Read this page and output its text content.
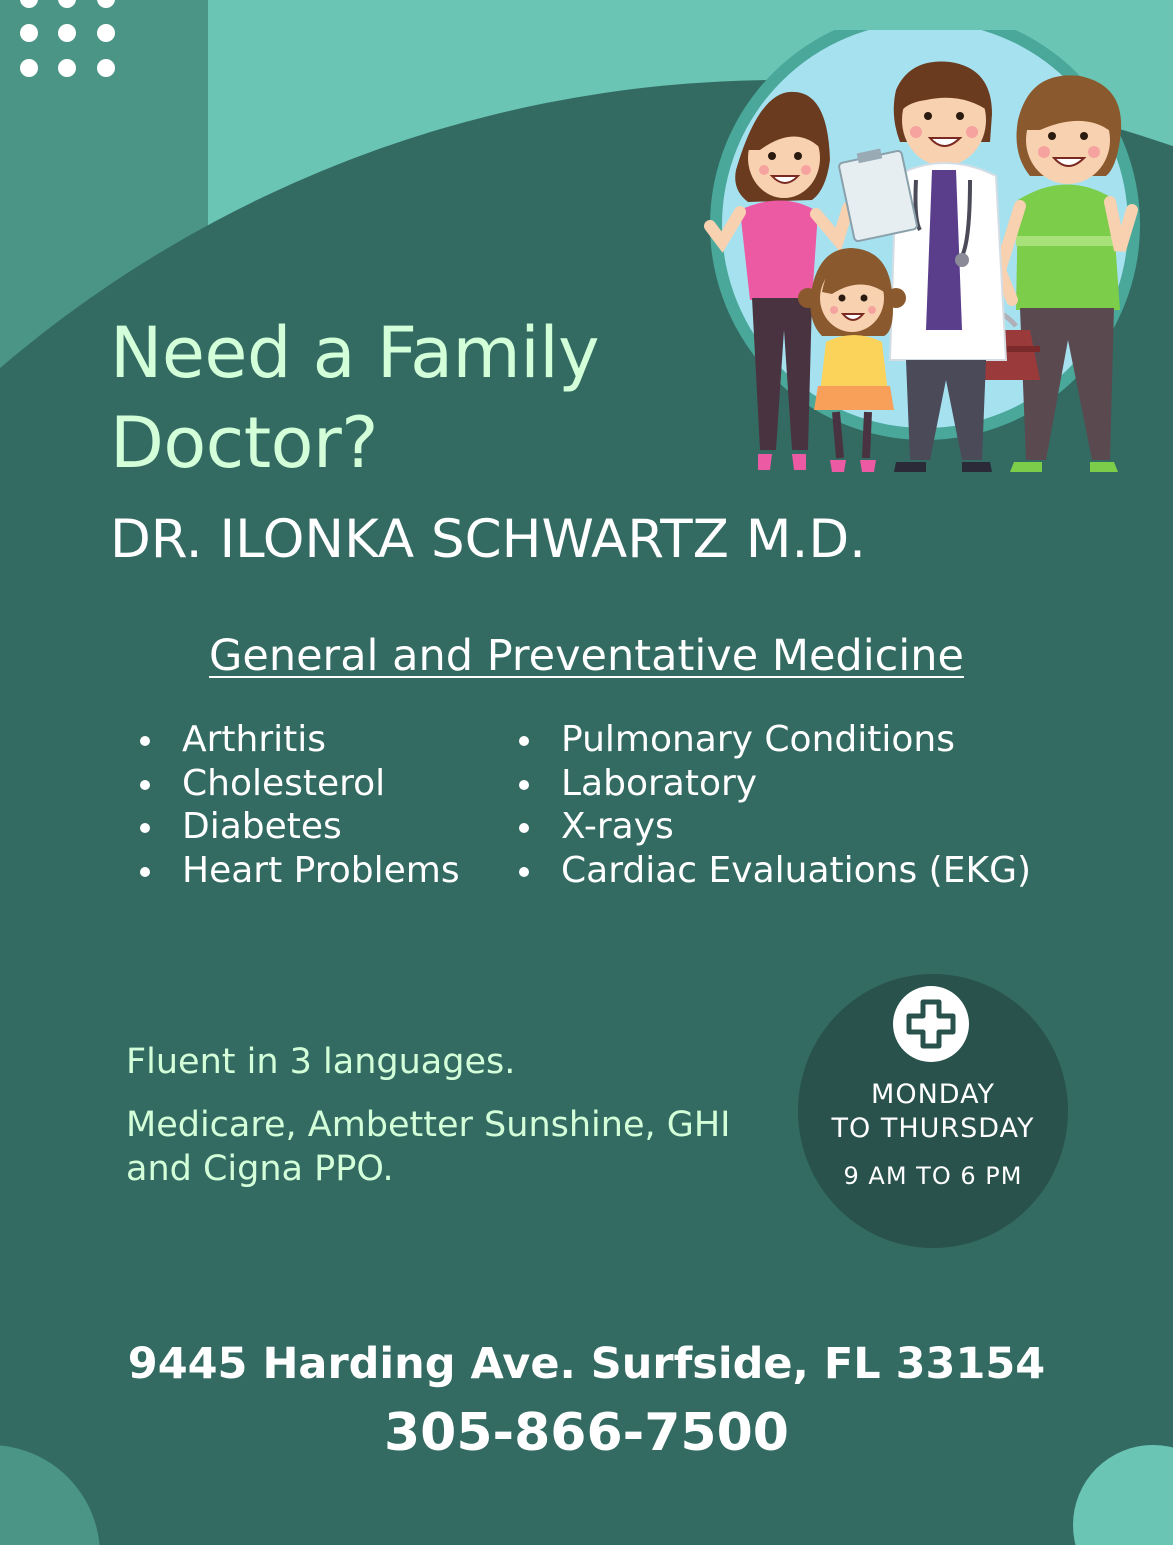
Need a Family Doctor?
DR. ILONKA SCHWARTZ M.D.
General and Preventative Medicine
Arthritis
Cholesterol
Diabetes
Heart Problems
Pulmonary Conditions
Laboratory
X-rays
Cardiac Evaluations (EKG)

Fluent in 3 languages.

Medicare, Ambetter Sunshine, GHI and Cigna PPO.

MONDAY
TO THURSDAY
9 AM TO 6 PM
9445 Harding Ave. Surfside, FL 33154
305-866-7500
